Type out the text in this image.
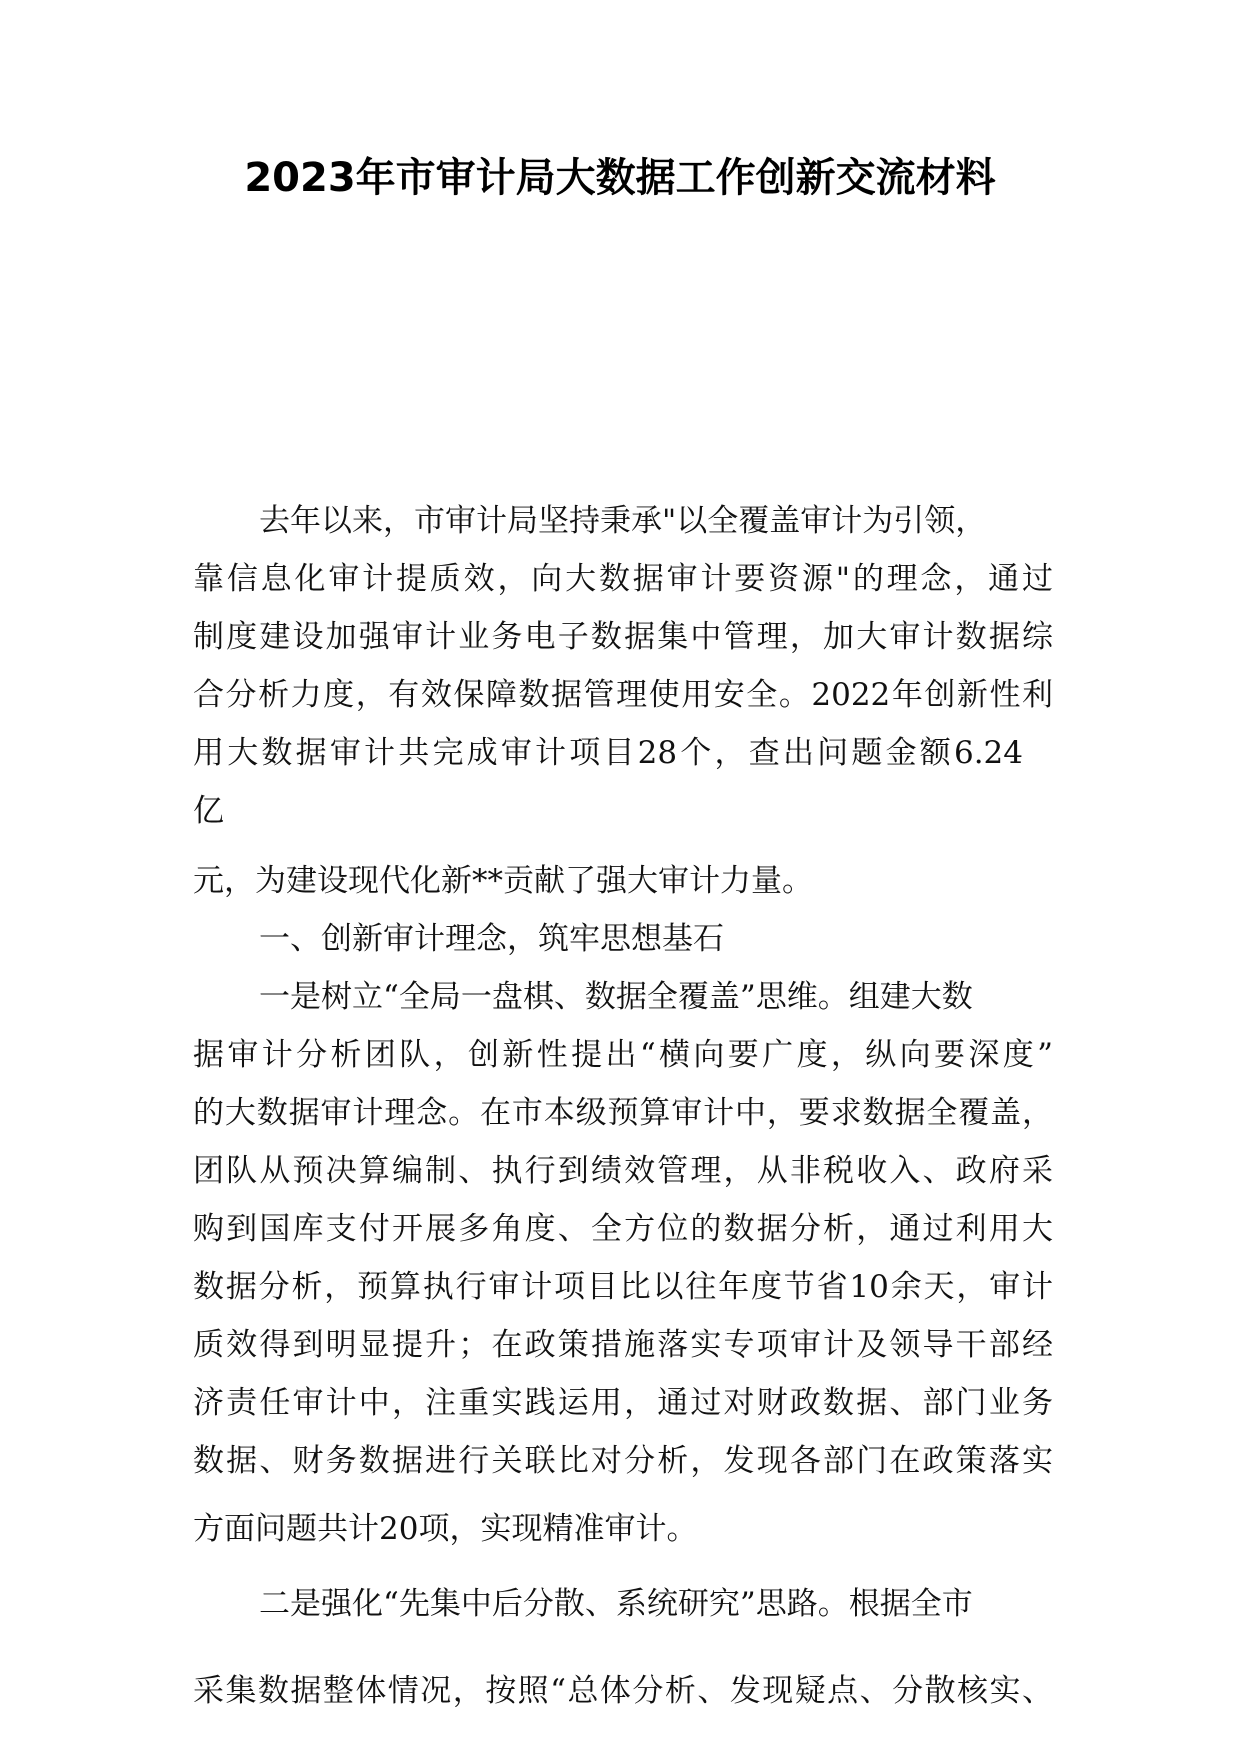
2023年市审计局大数据工作创新交流材料
去年以来，市审计局坚持秉承"以全覆盖审计为引领，
靠信息化审计提质效，向大数据审计要资源"的理念，通过
制度建设加强审计业务电子数据集中管理，加大审计数据综
合分析力度，有效保障数据管理使用安全。2022年创新性利
用大数据审计共完成审计项目28个，查出问题金额6.24
亿
元，为建设现代化新**贡献了强大审计力量。
一、创新审计理念，筑牢思想基石
一是树立“全局一盘棋、数据全覆盖”思维。组建大数
据审计分析团队，创新性提出“横向要广度，纵向要深度”
的大数据审计理念。在市本级预算审计中，要求数据全覆盖，
团队从预决算编制、执行到绩效管理，从非税收入、政府采
购到国库支付开展多角度、全方位的数据分析，通过利用大
数据分析，预算执行审计项目比以往年度节省10余天，审计
质效得到明显提升；在政策措施落实专项审计及领导干部经
济责任审计中，注重实践运用，通过对财政数据、部门业务
数据、财务数据进行关联比对分析，发现各部门在政策落实
方面问题共计20项，实现精准审计。
二是强化“先集中后分散、系统研究”思路。根据全市
采集数据整体情况，按照“总体分析、发现疑点、分散核实、
